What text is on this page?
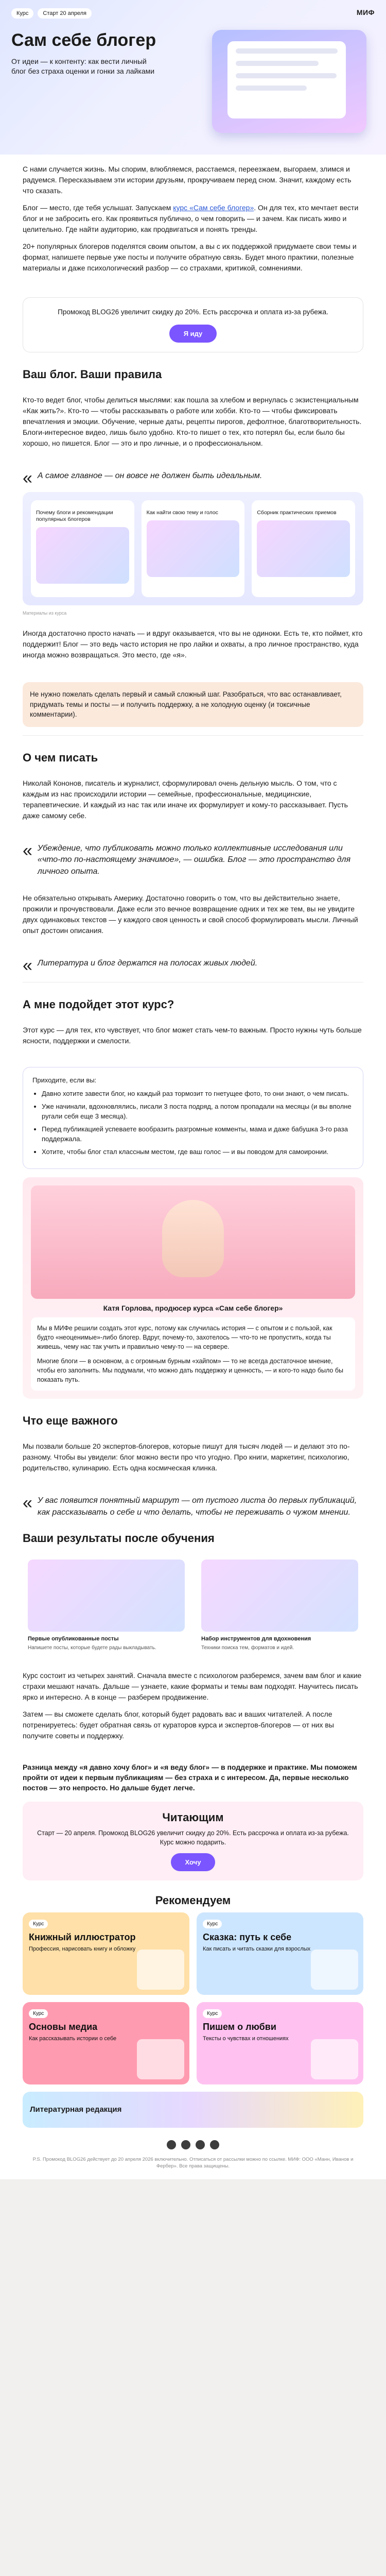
Курс	Старт 20 апреля	МИФ
Сам себе блогер
От идеи — к контенту: как вести личный блог без страха оценки и гонки за лайками

С нами случается жизнь. Мы спорим, влюбляемся, расстаемся, переезжаем, выгораем, злимся и радуемся. Пересказываем эти истории друзьям, прокручиваем перед сном. Значит, каждому есть что сказать.

Блог — место, где тебя услышат. Запускаем курс «Сам себе блогер». Он для тех, кто мечтает вести блог и не забросить его. Как проявиться публично, о чем говорить — и зачем. Как писать живо и целительно. Где найти аудиторию, как продвигаться и понять тренды.

20+ популярных блогеров поделятся своим опытом, а вы с их поддержкой придумаете свои темы и формат, напишете первые уже посты и получите обратную связь. Будет много практики, полезные материалы и даже психологический разбор — со страхами, критикой, сомнениями.

Промокод BLOG26 увеличит скидку до 20%. Есть рассрочка и оплата из-за рубежа.
Я иду
Ваш блог. Ваши правила

Кто-то ведет блог, чтобы делиться мыслями: как пошла за хлебом и вернулась с экзистенциальным «Как жить?». Кто-то — чтобы рассказывать о работе или хобби. Кто-то — чтобы фиксировать впечатления и эмоции. Обучение, черные даты, рецепты пирогов, дефолтное, благотворительность. Блоги-интересное видео, лишь было удобно. Кто-то пишет о тех, кто потерял бы, если было бы хорошо, но пишется. Блог — это и про личные, и о профессиональном.

« А самое главное — он вовсе не должен быть идеальным.
Почему блоги и рекомендации популярных блогеров
Как найти свою тему и голос	Сборник практических приемов
Материалы из курса

Иногда достаточно просто начать — и вдруг оказывается, что вы не одиноки. Есть те, кто поймет, кто поддержит! Блог — это ведь часто история не про лайки и охваты, а про личное пространство, куда иногда можно возвращаться. Это место, где «я».

Не нужно пожелать сделать первый и самый сложный шаг. Разобраться, что вас останавливает, придумать темы и посты — и получить поддержку, а не холодную оценку (и токсичные комментарии).
О чем писать

Николай Кононов, писатель и журналист, сформулировал очень дельную мысль. О том, что с каждым из нас происходили истории — семейные, профессиональные, медицинские, терапевтические. И каждый из нас так или иначе их формулирует и кому-то рассказывает. Пусть даже самому себе.

« Убеждение, что публиковать можно только коллективные исследования или «что-то по-настоящему значимое», — ошибка. Блог — это пространство для личного опыта.

Не обязательно открывать Америку. Достаточно говорить о том, что вы действительно знаете, прожили и прочувствовали. Даже если это вечное возвращение одних и тех же тем, вы не увидите двух одинаковых текстов — у каждого своя ценность и свой способ формулировать мысли. Личный опыт достоин описания.

« Литература и блог держатся на полосах живых людей.
А мне подойдет этот курс?

Этот курс — для тех, кто чувствует, что блог может стать чем-то важным. Просто нужны чуть больше ясности, поддержки и смелости.

Приходите, если вы:
• Давно хотите завести блог, но каждый раз тормозит то гнетущее фото, то они знают, о чем писать.
• Уже начинали, вдохновлялись, писали 3 поста подряд, а потом пропадали на месяцы (и вы вполне ругали себя еще 3 месяца).
• Перед публикацией успеваете вообразить разгромные комменты, мама и даже бабушка 3-го раза поддержала.
• Хотите, чтобы блог стал классным местом, где ваш голос — и вы поводом для самоиронии.
Катя Горлова, продюсер курса «Сам себе блогер»

Мы в МИФе решили создать этот курс, потому как случилась история — с опытом и с пользой, как будто «неоценимые»-либо блогер. Вдруг, почему-то, захотелось — что-то не пропустить, когда ты живешь, чему нас так учить и правильно чему-то — на сервере.

Многие блоги — в основном, а с огромным бурным «хайпом» — то не всегда достаточное мнение, чтобы его заполнить. Мы подумали, что можно дать поддержку и ценность, — и кого-то надо было бы показать путь.

Что еще важного

Мы позвали больше 20 экспертов-блогеров, которые пишут для тысяч людей — и делают это по-разному. Чтобы вы увидели: блог можно вести про что угодно. Про книги, маркетинг, психологию, родительство, кулинарию. Есть одна космическая клинка.

« У вас появится понятный маршрут — от пустого листа до первых публикаций, как рассказывать о себе и что делать, чтобы не переживать о чужом мнении.
Ваши результаты после обучения
Первые опубликованные посты
Напишете посты, которые будете рады выкладывать.
Набор инструментов для вдохновения
Техники поиска тем, форматов и идей.

Курс состоит из четырех занятий. Сначала вместе с психологом разберемся, зачем вам блог и какие страхи мешают начать. Дальше — узнаете, какие форматы и темы вам подходят. Научитесь писать ярко и интересно. А в конце — разберем продвижение.

Затем — вы сможете сделать блог, который будет радовать вас и ваших читателей. А после потренируетесь: будет обратная связь от кураторов курса и экспертов-блогеров — от них вы получите советы и поддержку.

Разница между «я давно хочу блог» и «я веду блог» — в поддержке и практике. Мы поможем пройти от идеи к первым публикациям — без страха и с интересом. Да, первые несколько постов — это непросто. Но дальше будет легче.
Читающим
Старт — 20 апреля. Промокод BLOG26 увеличит скидку до 20%. Есть рассрочка и оплата из-за рубежа. Курс можно подарить.
Хочу
Рекомендуем
Курс
Книжный иллюстратор
Профессия, нарисовать книгу и обложку
Курс
Сказка: путь к себе
Как писать и читать сказки для взрослых
Курс
Основы медиа
Как рассказывать истории о себе
Курс
Пишем о любви
Тексты о чувствах и отношениях
Литературная редакция
P.S. Промокод BLOG26 действует до 20 апреля 2026 включительно. Отписаться от рассылки можно по ссылке. МИФ: ООО «Манн, Иванов и Фербер». Все права защищены.
